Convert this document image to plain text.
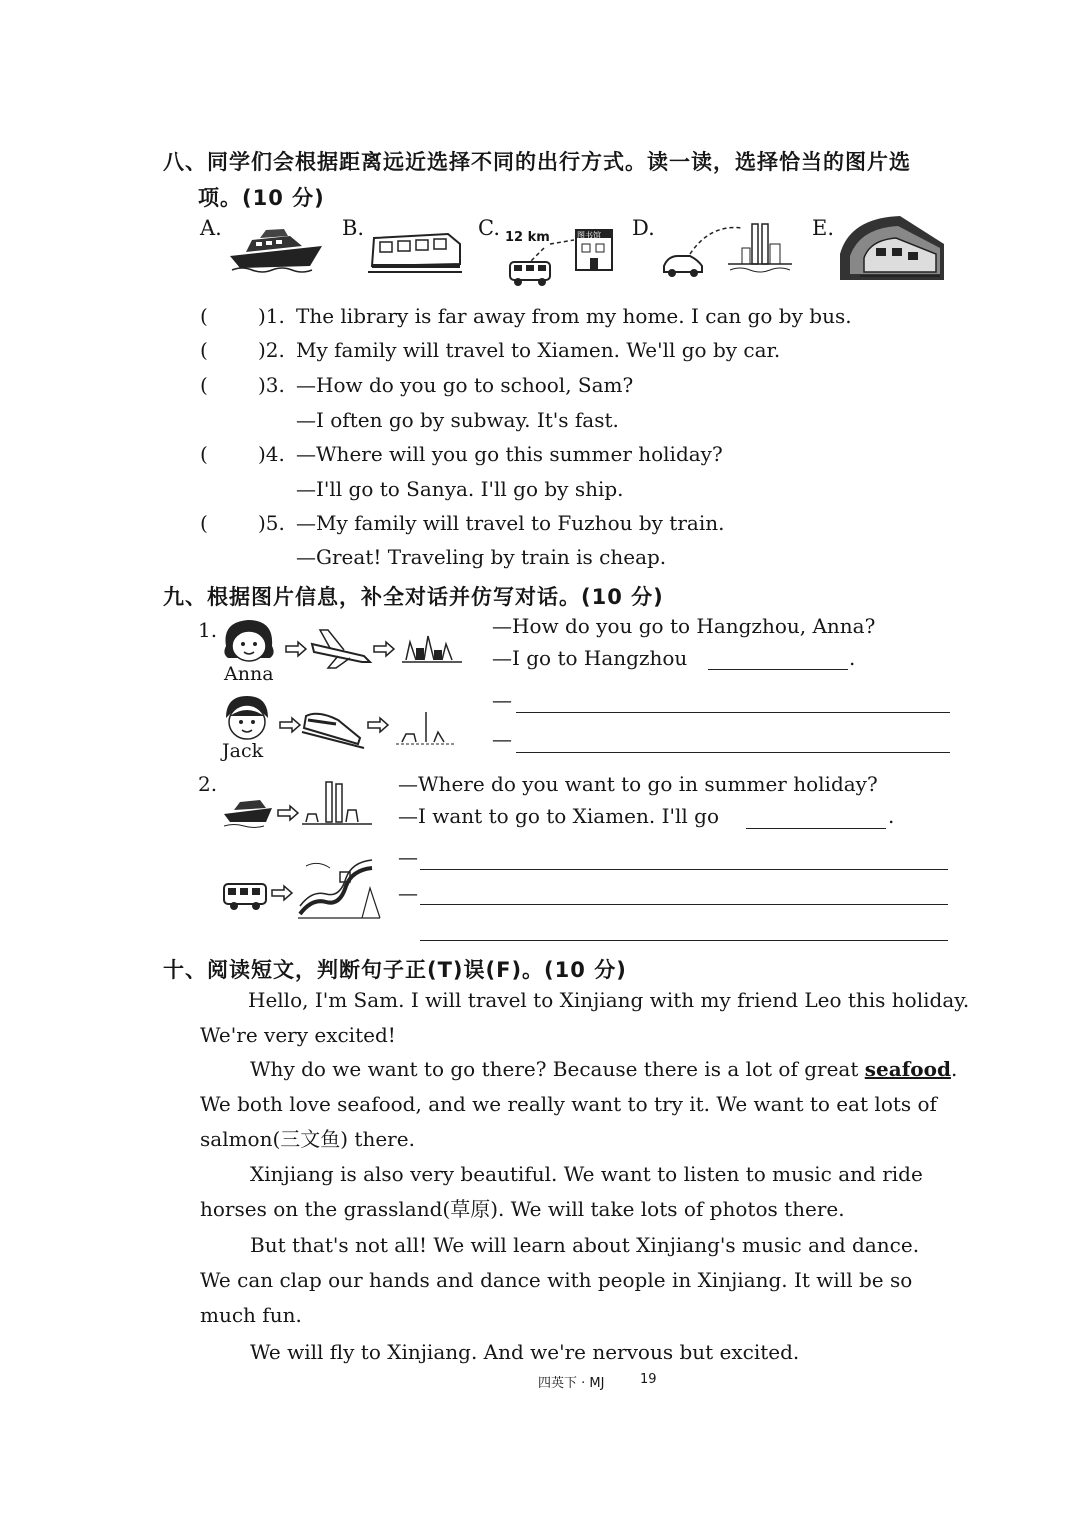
八、同学们会根据距离远近选择不同的出行方式。读一读，选择恰当的图片选
项。(10 分)
A.	B.	C. 12 km	图书馆 D.	E.
(	)1. The library is far away from my home. I can go by bus.
(	)2. My family will travel to Xiamen. We'll go by car.
(	)3. —How do you go to school, Sam?
—I often go by subway. It's fast.
(	)4. —Where will you go this summer holiday?
—I'll go to Sanya. I'll go by ship.
(	)5. —My family will travel to Fuzhou by train.
—Great! Traveling by train is cheap.
九、根据图片信息，补全对话并仿写对话。(10 分)
1.
Anna
—How do you go to Hangzhou, Anna?
—I go to Hangzhou	.
—
—
Jack
2.	—Where do you want to go in summer holiday?
—I want to go to Xiamen. I'll go	.
—
—
十、阅读短文，判断句子正(T)误(F)。(10 分)
Hello, I'm Sam. I will travel to Xinjiang with my friend Leo this holiday.
We're very excited!
Why do we want to go there? Because there is a lot of great seafood.
We both love seafood, and we really want to try it. We want to eat lots of
salmon(三文鱼) there.
Xinjiang is also very beautiful. We want to listen to music and ride
horses on the grassland(草原). We will take lots of photos there.
But that's not all! We will learn about Xinjiang's music and dance.
We can clap our hands and dance with people in Xinjiang. It will be so
much fun.
We will fly to Xinjiang. And we're nervous but excited.
四英下 · MJ	19
